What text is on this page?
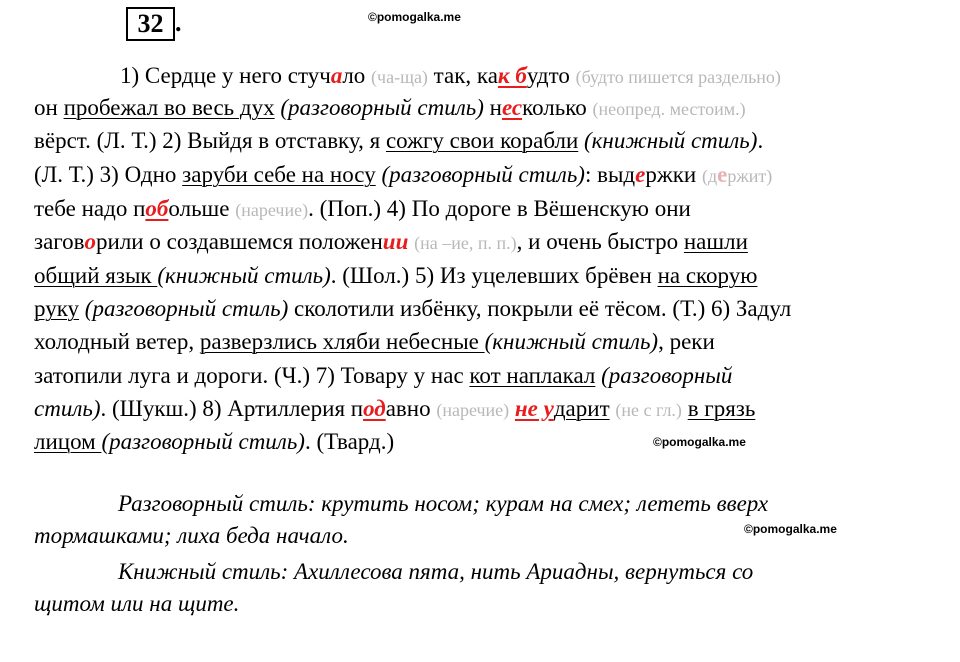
32 .	©pomogalka.me
©pomogalka.me
©pomogalka.me
1) Сердце у него стучало (ча-ща) так, как будто (будто пишется раздельно)
он пробежал во весь дух (разговорный стиль) несколько (неопред. местоим.)
вёрст. (Л. Т.) 2) Выйдя в отставку, я сожгу свои корабли (книжный стиль).
(Л. Т.) 3) Одно заруби себе на носу (разговорный стиль): выдержки (держит)
тебе надо побольше (наречие). (Поп.) 4) По дороге в Вёшенскую они
заговорили о создавшемся положении (на –ие, п. п.), и очень быстро нашли
общий язык (книжный стиль). (Шол.) 5) Из уцелевших брёвен на скорую
руку (разговорный стиль) сколотили избёнку, покрыли её тёсом. (Т.) 6) Задул
холодный ветер, разверзлись хляби небесные (книжный стиль), реки
затопили луга и дороги. (Ч.) 7) Товару у нас кот наплакал (разговорный
стиль). (Шукш.) 8) Артиллерия подавно (наречие) не ударит (не с гл.) в грязь
лицом (разговорный стиль). (Твард.)
Разговорный стиль: крутить носом; курам на смех; лететь вверх
тормашками; лиха беда начало.
Книжный стиль: Ахиллесова пята, нить Ариадны, вернуться со
щитом или на щите.
